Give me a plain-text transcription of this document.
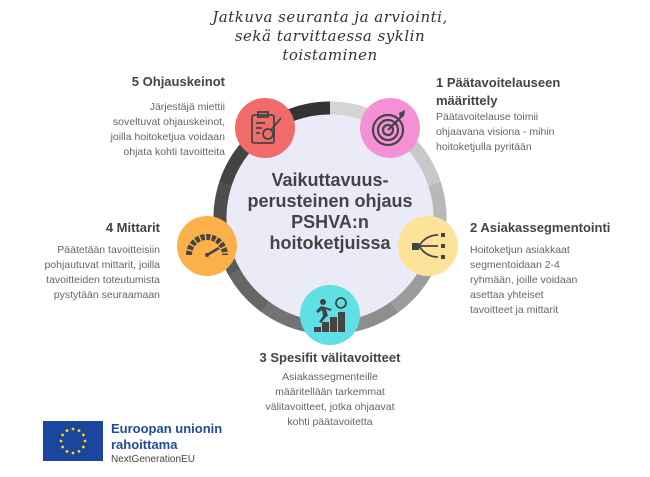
Jatkuva seuranta ja arviointi,
sekä tarvittaessa syklin
toistaminen
Vaikuttavuus-
perusteinen ohjaus
PSHVA:n
hoitoketjuissa
1 Päätavoitelauseen
määrittely
Päätavoitelause toimii
ohjaavana visiona - mihin
hoitoketjulla pyritään
2 Asiakassegmentointi
Hoitoketjun asiakkaat
segmentoidaan 2-4
ryhmään, joille voidaan
asettaa yhteiset
tavoitteet ja mittarit
3 Spesifit välitavoitteet
Asiakassegmenteille
määritellään tarkemmat
välitavoitteet, jotka ohjaavat
kohti päätavoitetta
4 Mittarit
Päätetään tavoitteisiin
pohjautuvat mittarit, joilla
tavoitteiden toteutumista
pystytään seuraamaan
5 Ohjauskeinot
Järjestäjä miettii
soveltuvat ohjauskeinot,
joilla hoitoketjua voidaan
ohjata kohti tavoitteita
Euroopan unionin
rahoittama
NextGenerationEU
